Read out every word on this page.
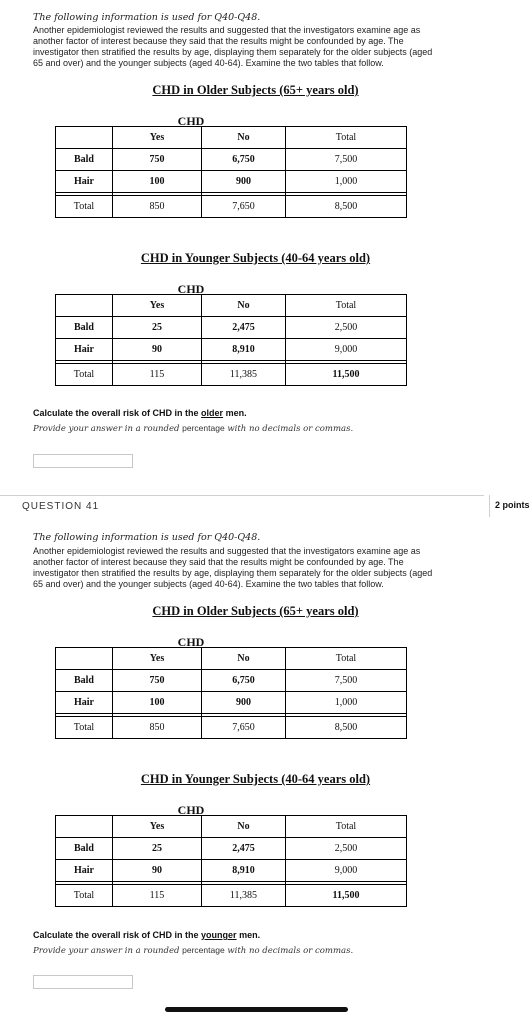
The following information is used for Q40-Q48.
Another epidemiologist reviewed the results and suggested that the investigators examine age as
another factor of interest because they said that the results might be confounded by age. The
investigator then stratified the results by age, displaying them separately for the older subjects (aged
65 and over) and the younger subjects (aged 40-64). Examine the two tables that follow.
CHD in Older Subjects (65+ years old)
CHD
	Yes	No	Total
Bald	750	6,750	7,500
Hair	100	900	1,000

Total	850	7,650	8,500
CHD in Younger Subjects (40-64 years old)
CHD
	Yes	No	Total
Bald	25	2,475	2,500
Hair	90	8,910	9,000

Total	115	11,385	11,500
Calculate the overall risk of CHD in the older men.
Provide your answer in a rounded percentage with no decimals or commas.
QUESTION 41	2 points
The following information is used for Q40-Q48.
Another epidemiologist reviewed the results and suggested that the investigators examine age as
another factor of interest because they said that the results might be confounded by age. The
investigator then stratified the results by age, displaying them separately for the older subjects (aged
65 and over) and the younger subjects (aged 40-64). Examine the two tables that follow.
CHD in Older Subjects (65+ years old)
CHD
	Yes	No	Total
Bald	750	6,750	7,500
Hair	100	900	1,000

Total	850	7,650	8,500
CHD in Younger Subjects (40-64 years old)
CHD
	Yes	No	Total
Bald	25	2,475	2,500
Hair	90	8,910	9,000

Total	115	11,385	11,500
Calculate the overall risk of CHD in the younger men.
Provide your answer in a rounded percentage with no decimals or commas.
